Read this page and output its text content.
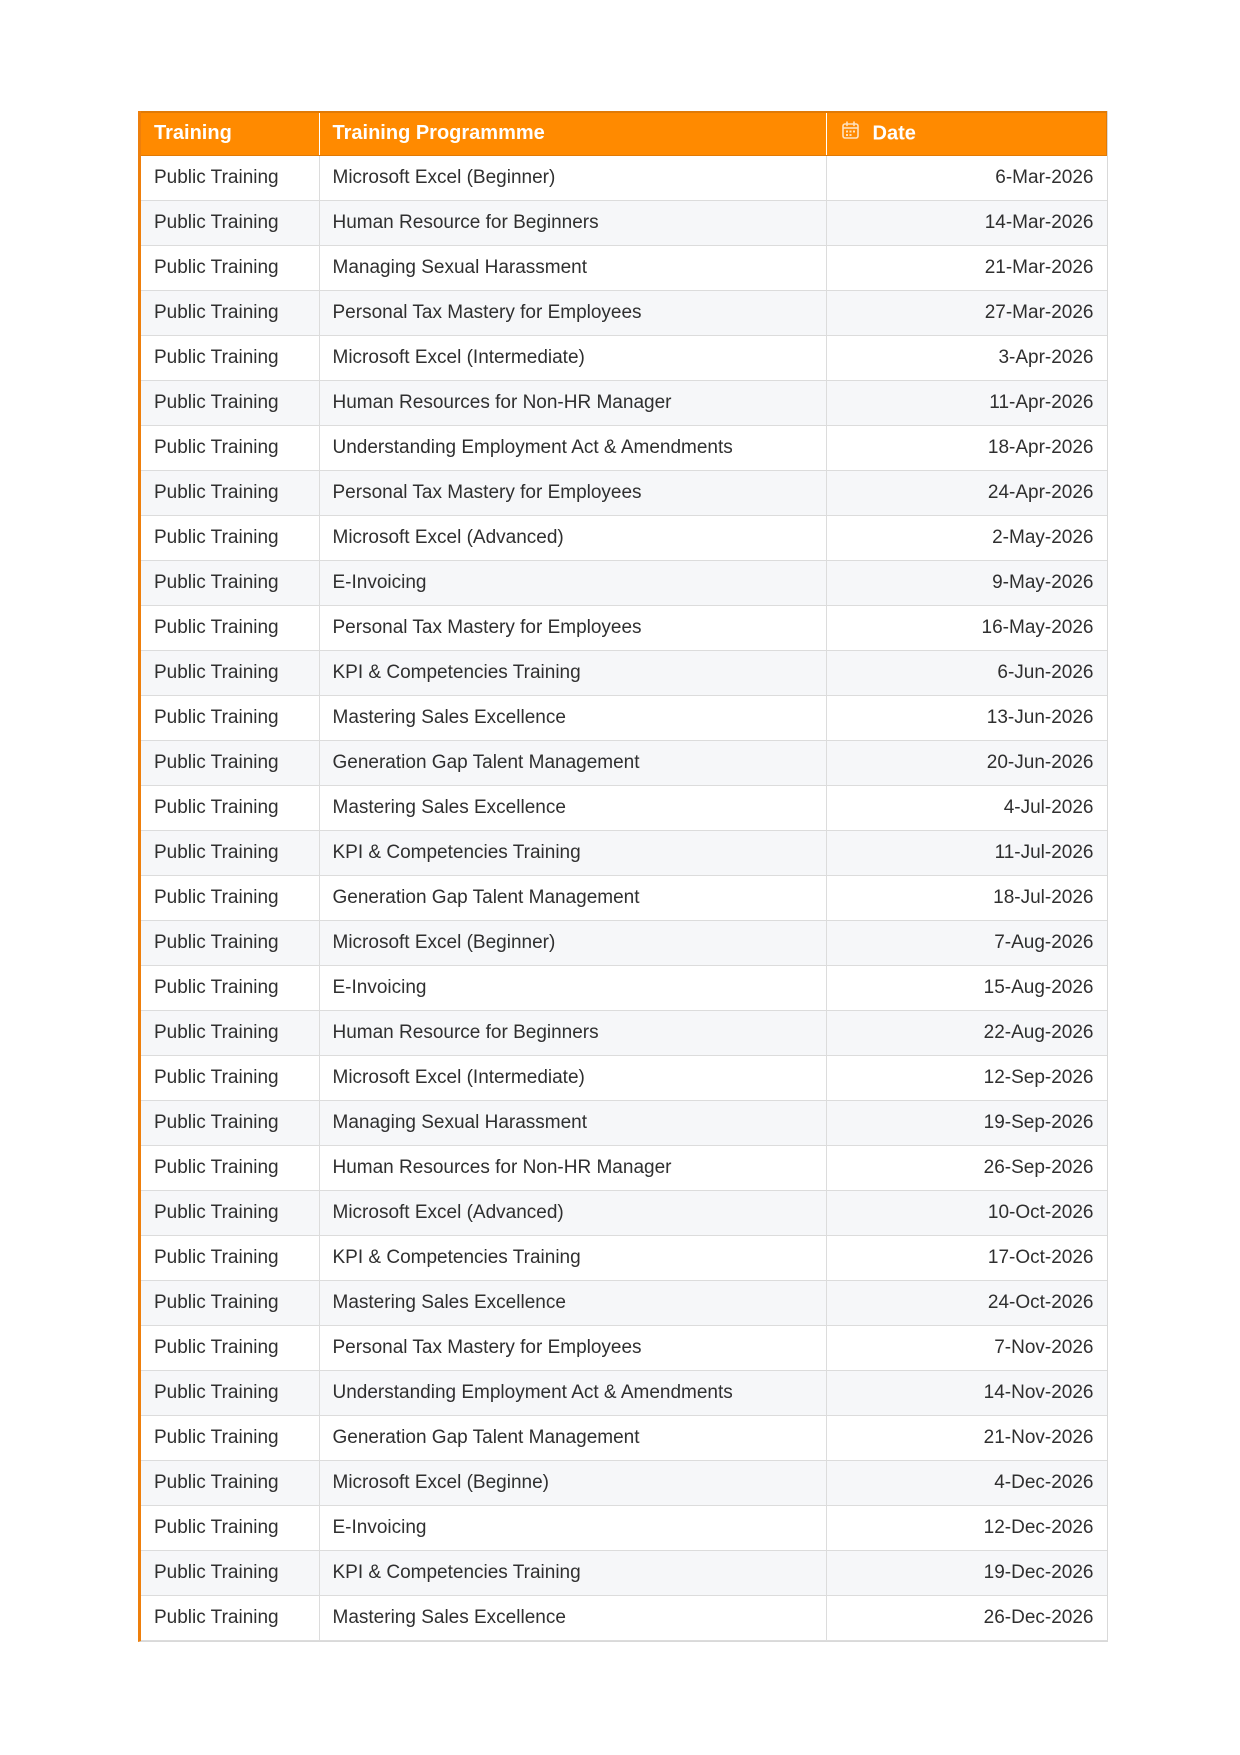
Training	Training Programmme	Date
Public Training	Microsoft Excel (Beginner)	6-Mar-2026
Public Training	Human Resource for Beginners	14-Mar-2026
Public Training	Managing Sexual Harassment	21-Mar-2026
Public Training	Personal Tax Mastery for Employees	27-Mar-2026
Public Training	Microsoft Excel (Intermediate)	3-Apr-2026
Public Training	Human Resources for Non-HR Manager	11-Apr-2026
Public Training	Understanding Employment Act & Amendments	18-Apr-2026
Public Training	Personal Tax Mastery for Employees	24-Apr-2026
Public Training	Microsoft Excel (Advanced)	2-May-2026
Public Training	E-Invoicing	9-May-2026
Public Training	Personal Tax Mastery for Employees	16-May-2026
Public Training	KPI & Competencies Training	6-Jun-2026
Public Training	Mastering Sales Excellence	13-Jun-2026
Public Training	Generation Gap Talent Management	20-Jun-2026
Public Training	Mastering Sales Excellence	4-Jul-2026
Public Training	KPI & Competencies Training	11-Jul-2026
Public Training	Generation Gap Talent Management	18-Jul-2026
Public Training	Microsoft Excel (Beginner)	7-Aug-2026
Public Training	E-Invoicing	15-Aug-2026
Public Training	Human Resource for Beginners	22-Aug-2026
Public Training	Microsoft Excel (Intermediate)	12-Sep-2026
Public Training	Managing Sexual Harassment	19-Sep-2026
Public Training	Human Resources for Non-HR Manager	26-Sep-2026
Public Training	Microsoft Excel (Advanced)	10-Oct-2026
Public Training	KPI & Competencies Training	17-Oct-2026
Public Training	Mastering Sales Excellence	24-Oct-2026
Public Training	Personal Tax Mastery for Employees	7-Nov-2026
Public Training	Understanding Employment Act & Amendments	14-Nov-2026
Public Training	Generation Gap Talent Management	21-Nov-2026
Public Training	Microsoft Excel (Beginne)	4-Dec-2026
Public Training	E-Invoicing	12-Dec-2026
Public Training	KPI & Competencies Training	19-Dec-2026
Public Training	Mastering Sales Excellence	26-Dec-2026
